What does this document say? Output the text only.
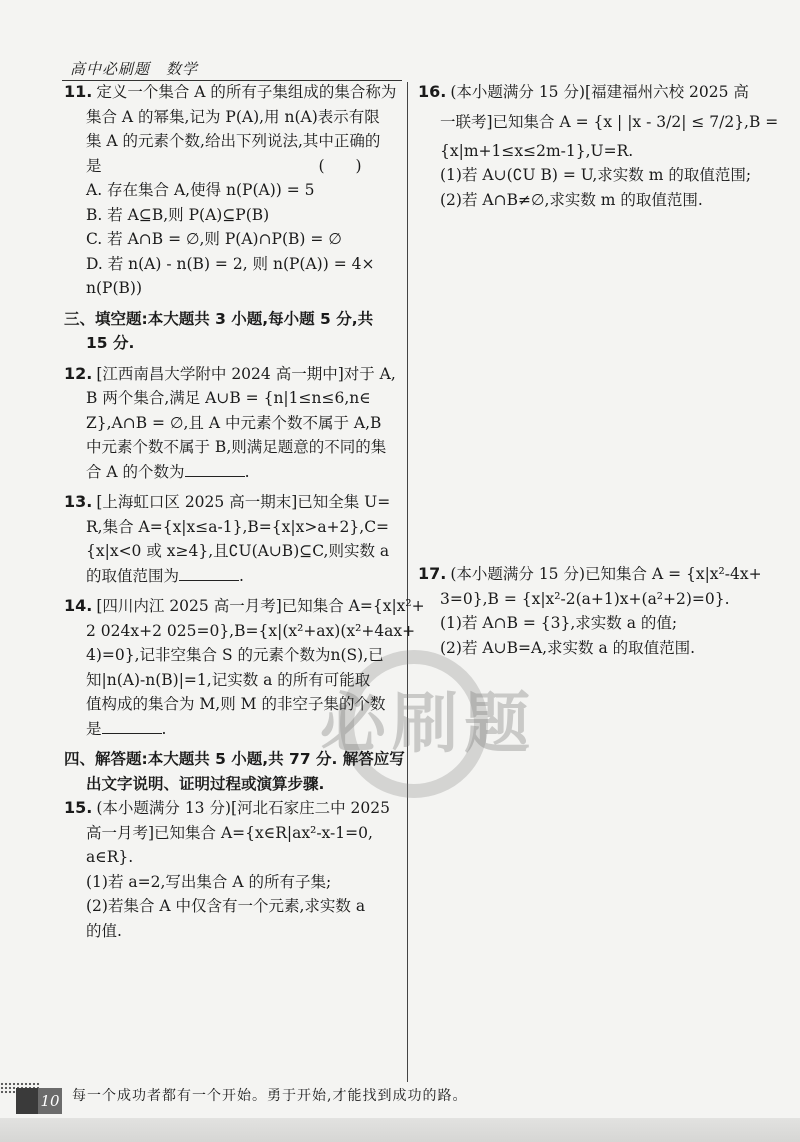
高中必刷题　数学
必刷题
11. 定义一个集合 A 的所有子集组成的集合称为
集合 A 的幂集,记为 P(A),用 n(A)表示有限
集 A 的元素个数,给出下列说法,其中正确的
是　　　　　　　　　　　　　　(　　)
A. 存在集合 A,使得 n(P(A)) = 5
B. 若 A⊆B,则 P(A)⊆P(B)
C. 若 A∩B = ∅,则 P(A)∩P(B) = ∅
D. 若 n(A) - n(B) = 2, 则 n(P(A)) = 4×
n(P(B))
三、填空题:本大题共 3 小题,每小题 5 分,共
15 分.
12. [江西南昌大学附中 2024 高一期中]对于 A,
B 两个集合,满足 A∪B = {n|1≤n≤6,n∈
Z},A∩B = ∅,且 A 中元素个数不属于 A,B
中元素个数不属于 B,则满足题意的不同的集
合 A 的个数为	.
13. [上海虹口区 2025 高一期末]已知全集 U=
R,集合 A={x|x≤a-1},B={x|x>a+2},C=
{x|x<0 或 x≥4},且∁U(A∪B)⊆C,则实数 a
的取值范围为	.
14. [四川内江 2025 高一月考]已知集合 A={x|x²+
2 024x+2 025=0},B={x|(x²+ax)(x²+4ax+
4)=0},记非空集合 S 的元素个数为n(S),已
知|n(A)-n(B)|=1,记实数 a 的所有可能取
值构成的集合为 M,则 M 的非空子集的个数
是	.
四、解答题:本大题共 5 小题,共 77 分. 解答应写
出文字说明、证明过程或演算步骤.
15. (本小题满分 13 分)[河北石家庄二中 2025
高一月考]已知集合 A={x∈R|ax²-x-1=0,
a∈R}.
(1)若 a=2,写出集合 A 的所有子集;
(2)若集合 A 中仅含有一个元素,求实数 a
的值.
16. (本小题满分 15 分)[福建福州六校 2025 高
一联考]已知集合 A = {x | |x - 3/2| ≤ 7/2},B =
{x|m+1≤x≤2m-1},U=R.
(1)若 A∪(∁U B) = U,求实数 m 的取值范围;
(2)若 A∩B≠∅,求实数 m 的取值范围.
17. (本小题满分 15 分)已知集合 A = {x|x²-4x+
3=0},B = {x|x²-2(a+1)x+(a²+2)=0}.
(1)若 A∩B = {3},求实数 a 的值;
(2)若 A∪B=A,求实数 a 的取值范围.
10 每一个成功者都有一个开始。勇于开始,才能找到成功的路。
